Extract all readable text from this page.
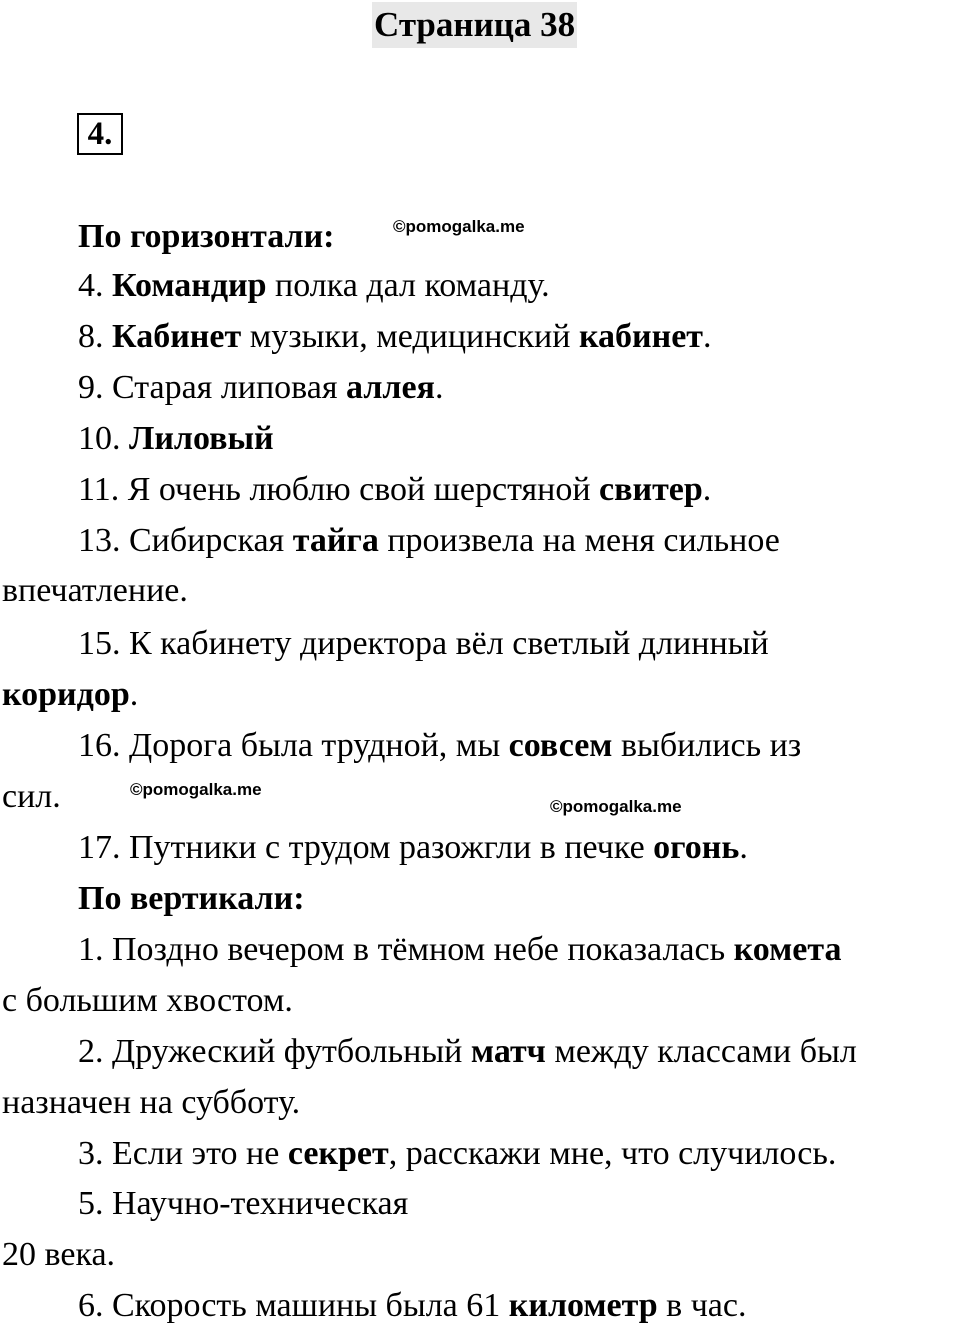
Страница 38
4.
©pomogalka.me
©pomogalka.me
©pomogalka.me
По горизонтали:
4. Командир полка дал команду.
8. Кабинет музыки, медицинский кабинет.
9. Старая липовая аллея.
10. Лиловый
11. Я очень люблю свой шерстяной свитер.
13. Сибирская тайга произвела на меня сильное
впечатление.
15. К кабинету директора вёл светлый длинный
коридор.
16. Дорога была трудной, мы совсем выбились из
сил.
17. Путники с трудом разожгли в печке огонь.
По вертикали:
1. Поздно вечером в тёмном небе показалась комета
с большим хвостом.
2. Дружеский футбольный матч между классами был
назначен на субботу.
3. Если это не секрет, расскажи мне, что случилось.
5. Научно-техническая
20 века.
6. Скорость машины была 61 километр в час.
